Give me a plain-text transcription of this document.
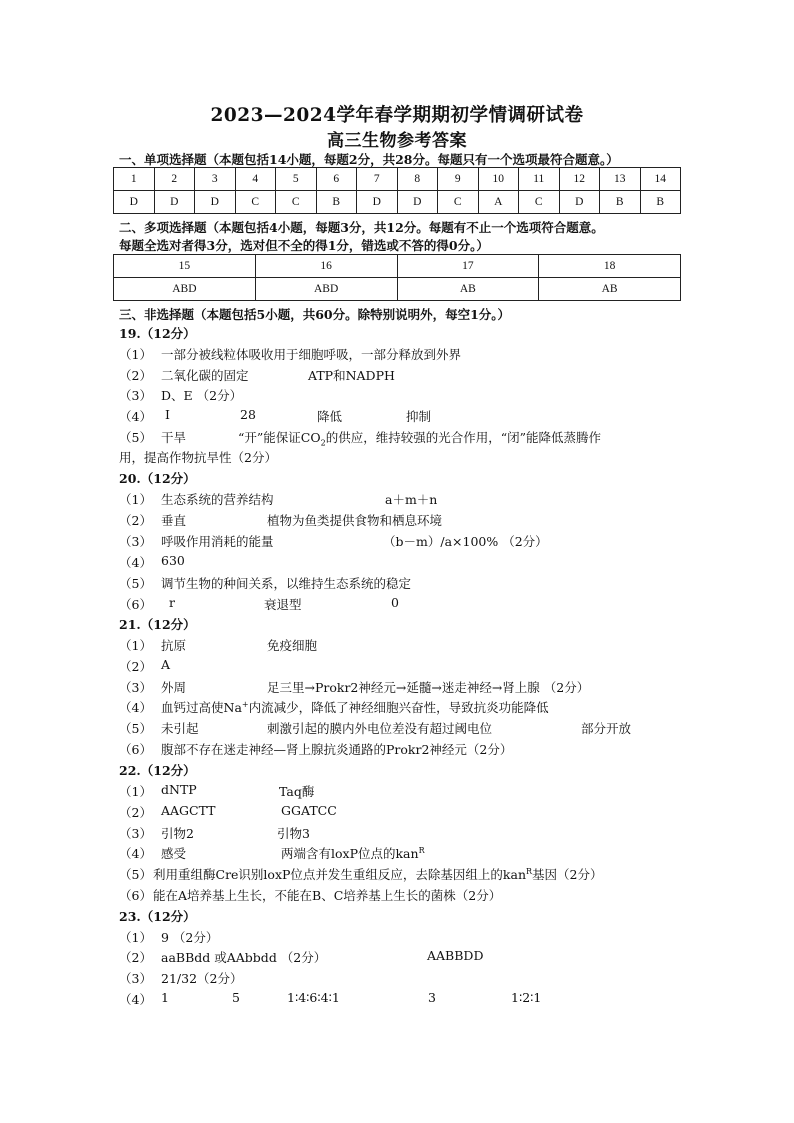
2023—2024学年春学期期初学情调研试卷
高三生物参考答案
一、单项选择题（本题包括14小题，每题2分，共28分。每题只有一个选项最符合题意。）
1	2	3	4	5	6	7	8	9	10	11	12	13	14
D	D	D	C	C	B	D	D	C	A	C	D	B	B
二、多项选择题（本题包括4小题，每题3分，共12分。每题有不止一个选项符合题意。
每题全选对者得3分，选对但不全的得1分，错选或不答的得0分。）
15	16	17	18
ABD	ABD	AB	AB
三、非选择题（本题包括5小题，共60分。除特别说明外，每空1分。）
19.（12分）
（1） 一部分被线粒体吸收用于细胞呼吸，一部分释放到外界
（2） 二氧化碳的固定	ATP和NADPH
（3） D、E （2分）
（4） Ⅰ	28	降低	抑制
（5） 干旱	“开”能保证$CO_2$的供应，维持较强的光合作用，“闭”能降低蒸腾作
用，提高作物抗旱性（2分）
20.（12分）
（1） 生态系统的营养结构	a＋m＋n
（2） 垂直	植物为鱼类提供食物和栖息环境
（3） 呼吸作用消耗的能量	（b－m）/a×100% （2分）
（4） 630
（5） 调节生物的种间关系，以维持生态系统的稳定
（6） r	衰退型	0
21.（12分）
（1） 抗原	免疫细胞
（2） A
（3） 外周	足三里→Prokr2神经元→延髓→迷走神经→肾上腺 （2分）
（4） 血钙过高使Na+内流减少，降低了神经细胞兴奋性，导致抗炎功能降低
（5） 未引起	刺激引起的膜内外电位差没有超过阈电位	部分开放
（6） 腹部不存在迷走神经—肾上腺抗炎通路的Prokr2神经元（2分）
22.（12分）
（1） dNTP	Taq酶
（2） AAGCTT	GGATCC
（3） 引物2	引物3
（4） 感受	两端含有loxP位点的kan$^R$
（5） 利用重组酶Cre识别loxP位点并发生重组反应，去除基因组上的kan$^R$基因（2分）
（6） 能在A培养基上生长，不能在B、C培养基上生长的菌株（2分）
23.（12分）
（1） 9 （2分）
（2） aaBBdd 或AAbbdd （2分）	AABBDD
（3） 21/32（2分）
（4） 1	5	1∶4∶6∶4∶1	3	1∶2∶1
